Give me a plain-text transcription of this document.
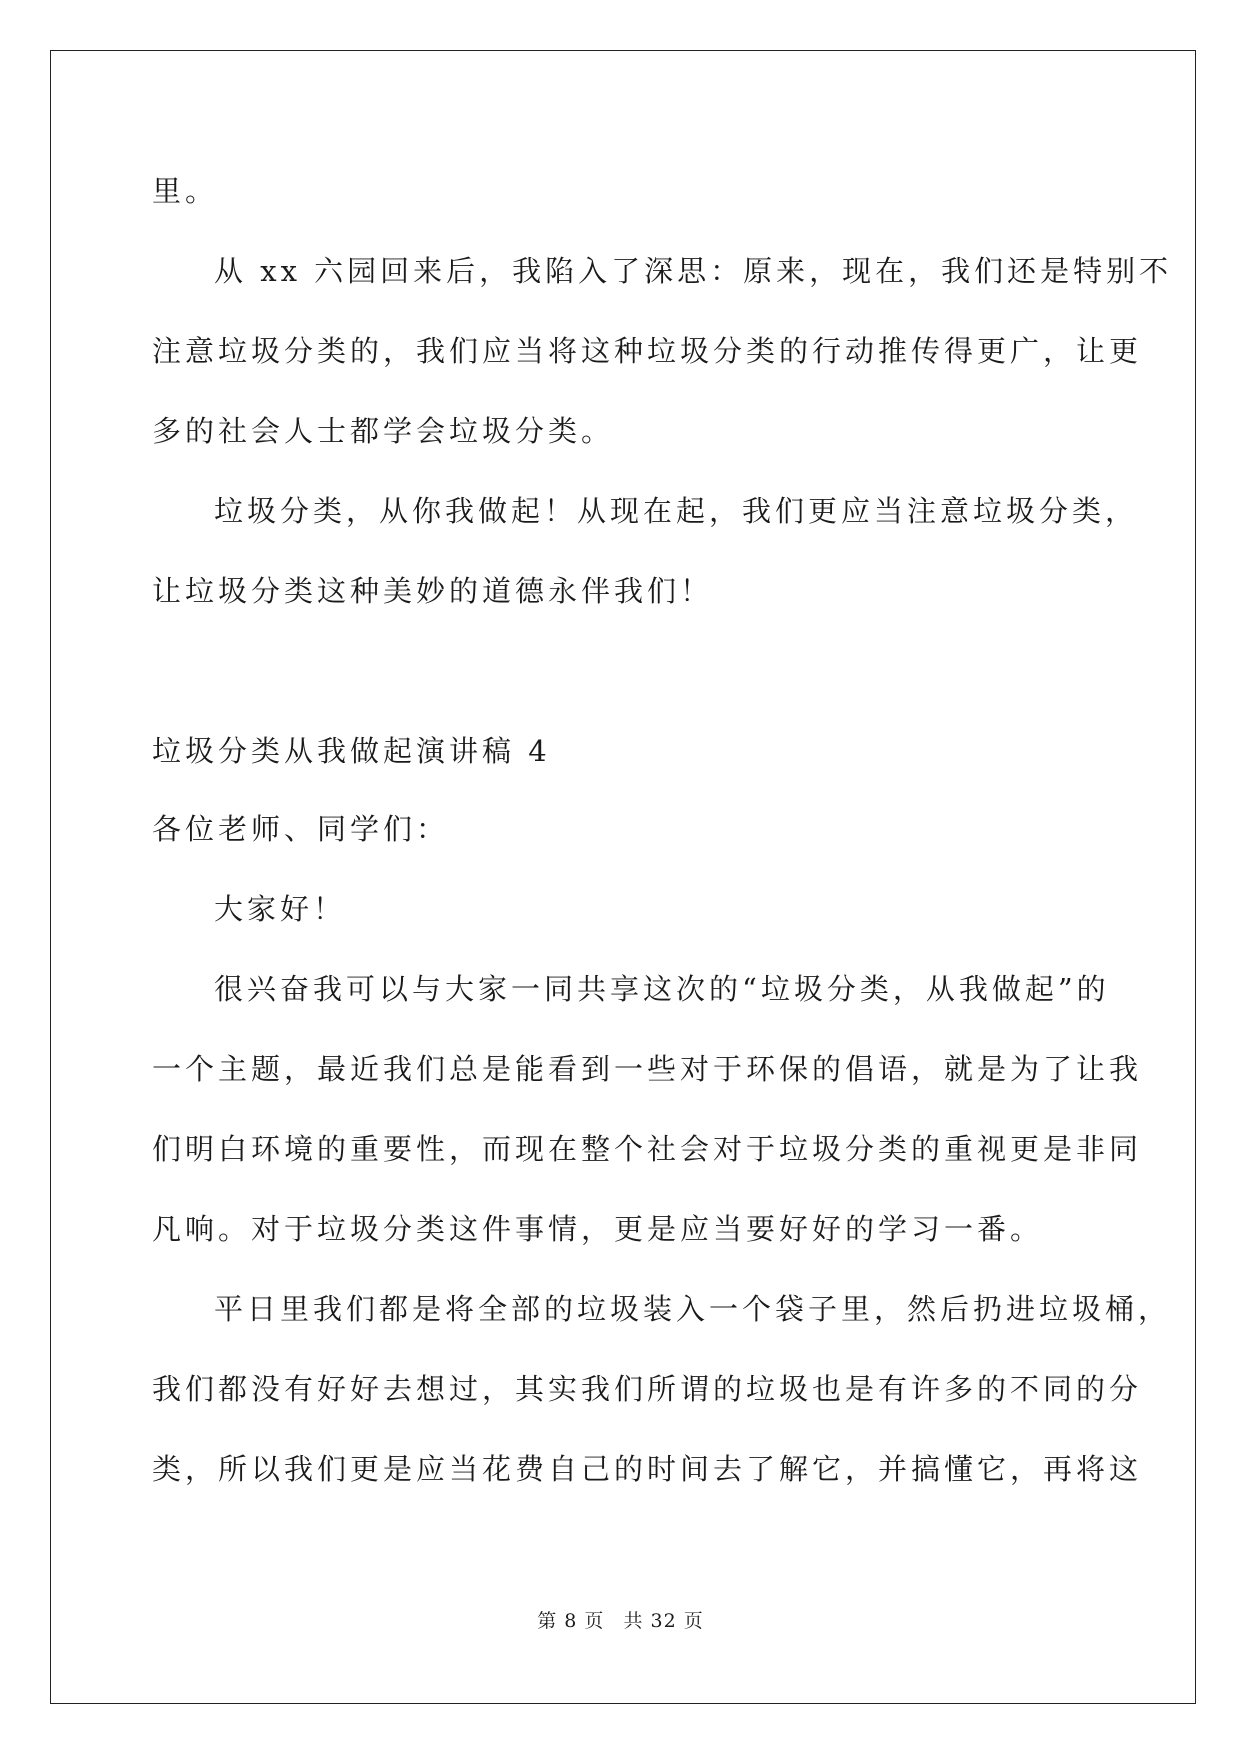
里。
从 xx 六园回来后，我陷入了深思：原来，现在，我们还是特别不
注意垃圾分类的，我们应当将这种垃圾分类的行动推传得更广，让更
多的社会人士都学会垃圾分类。
垃圾分类，从你我做起！从现在起，我们更应当注意垃圾分类，
让垃圾分类这种美妙的道德永伴我们！
垃圾分类从我做起演讲稿 4
各位老师、同学们：
大家好！
很兴奋我可以与大家一同共享这次的“垃圾分类，从我做起”的
一个主题，最近我们总是能看到一些对于环保的倡语，就是为了让我
们明白环境的重要性，而现在整个社会对于垃圾分类的重视更是非同
凡响。对于垃圾分类这件事情，更是应当要好好的学习一番。
平日里我们都是将全部的垃圾装入一个袋子里，然后扔进垃圾桶，
我们都没有好好去想过，其实我们所谓的垃圾也是有许多的不同的分
类，所以我们更是应当花费自己的时间去了解它，并搞懂它，再将这
第 8 页 共 32 页
